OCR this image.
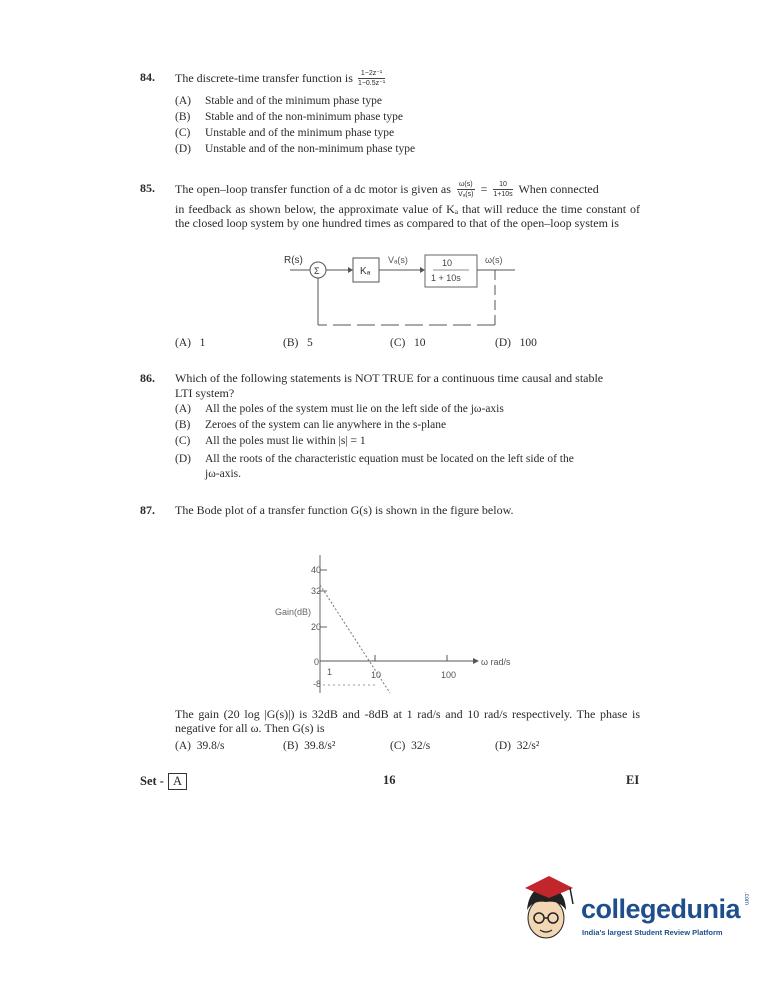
84. The discrete-time transfer function is $\frac{\text{1−2z⁻¹}}{\text{1−0.5z⁻¹}}$
(A) Stable and of the minimum phase type
(B) Stable and of the non-minimum phase type
(C) Unstable and of the minimum phase type
(D) Unstable and of the non-minimum phase type
85. The open–loop transfer function of a dc motor is given as $\frac{\omega(s)}{\text{Vₐ(s)}} = \frac{10}{1+10s}$ When connected
in feedback as shown below, the approximate value of Kₐ that will reduce the time constant of the closed loop system by one hundred times as compared to that of the open–loop system is
R(s)
Σ	Kₐ
Vₐ(s)	10
1 + 10s
ω(s)
(A) 1	(B) 5	(C) 10	(D) 100
86. Which of the following statements is NOT TRUE for a continuous time causal and stable
LTI system?
(A) All the poles of the system must lie on the left side of the jω-axis
(B) Zeroes of the system can lie anywhere in the s-plane
(C) All the poles must lie within |s| = 1
(D) All the roots of the characteristic equation must be located on the left side of the
jω-axis.
87. The Bode plot of a transfer function G(s) is shown in the figure below.
40
32
20
0
-8
Gain(dB)
ω rad/s
1	10	100
The gain (20 log |G(s)|) is 32dB and -8dB at 1 rad/s and 10 rad/s respectively. The phase is negative for all ω. Then G(s) is
(A) 39.8/s	(B) 39.8/s²	(C) 32/s	(D) 32/s²
Set - A	16	EI
collegedunia .com
India's largest Student Review Platform
